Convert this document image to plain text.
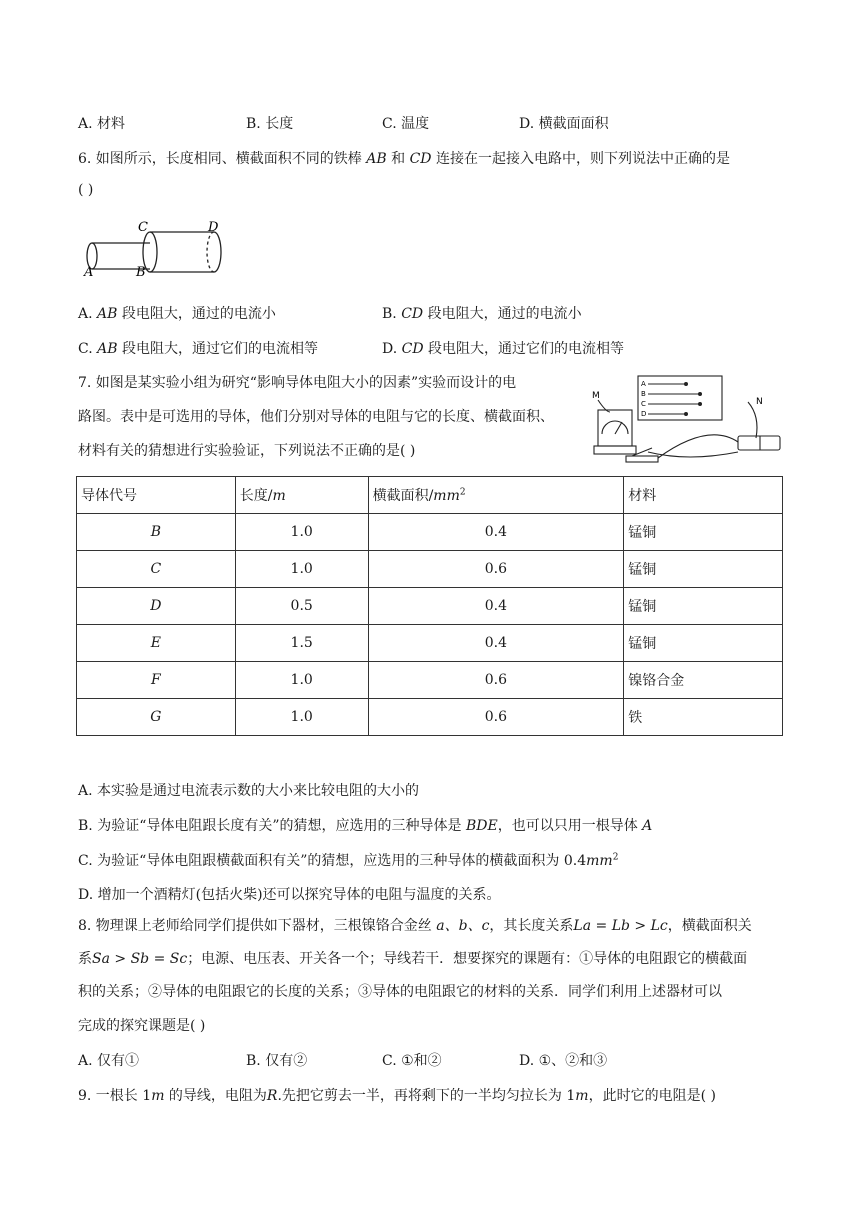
A. 材料	B. 长度	C. 温度	D. 横截面面积
6. 如图所示，长度相同、横截面积不同的铁棒 AB 和 CD 连接在一起接入电路中，则下列说法中正确的是
( )
A	B
C	D
A. AB 段电阻大，通过的电流小	B. CD 段电阻大，通过的电流小
C. AB 段电阻大，通过它们的电流相等	D. CD 段电阻大，通过它们的电流相等
7. 如图是某实验小组为研究“影响导体电阻大小的因素”实验而设计的电
路图。表中是可选用的导体，他们分别对导体的电阻与它的长度、横截面积、
材料有关的猜想进行实验验证，下列说法不正确的是( )
M
N
A
B
C
D
导体代号	长度/m	横截面积$/mm^2$	材料
B	1.0	0.4	锰铜
C	1.0	0.6	锰铜
D	0.5	0.4	锰铜
E	1.5	0.4	锰铜
F	1.0	0.6	镍铬合金
G	1.0	0.6	铁
A. 本实验是通过电流表示数的大小来比较电阻的大小的
B. 为验证“导体电阻跟长度有关”的猜想，应选用的三种导体是 BDE，也可以只用一根导体 A
C. 为验证“导体电阻跟横截面积有关”的猜想，应选用的三种导体的横截面积为 $0.4mm^2$
D. 增加一个酒精灯(包括火柴)还可以探究导体的电阻与温度的关系。
8. 物理课上老师给同学们提供如下器材，三根镍铬合金丝 a、b、c，其长度关系La = Lb > Lc，横截面积关
系Sa > Sb = Sc；电源、电压表、开关各一个；导线若干．想要探究的课题有：①导体的电阻跟它的横截面
积的关系；②导体的电阻跟它的长度的关系；③导体的电阻跟它的材料的关系．同学们利用上述器材可以
完成的探究课题是( )
A. 仅有①	B. 仅有②	C. ①和②	D. ①、②和③
9. 一根长 1m 的导线，电阻为R.先把它剪去一半，再将剩下的一半均匀拉长为 1m，此时它的电阻是( )
